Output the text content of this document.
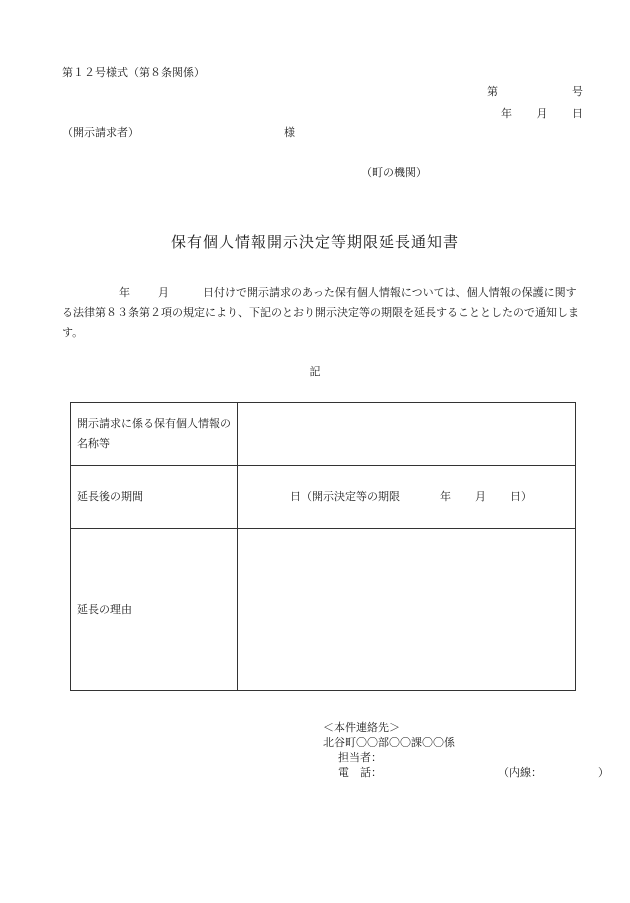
第１２号様式（第８条関係）
第	号
年 月 日
（開示請求者）	様
（町の機関）
保有個人情報開示決定等期限延長通知書
年	月	日付けで開示請求のあった保有個人情報については、個人情報の保護に関する法律第８３条第２項の規定により、下記のとおり開示決定等の期限を延長することとしたので通知します。
記
開示請求に係る保有個人情報の名称等	
延長後の期間	日（開示決定等の期限 年 月 日）
延長の理由	
＜本件連絡先＞
北谷町〇〇部〇〇課〇〇係
担当者：
電　話：	（内線：	）
